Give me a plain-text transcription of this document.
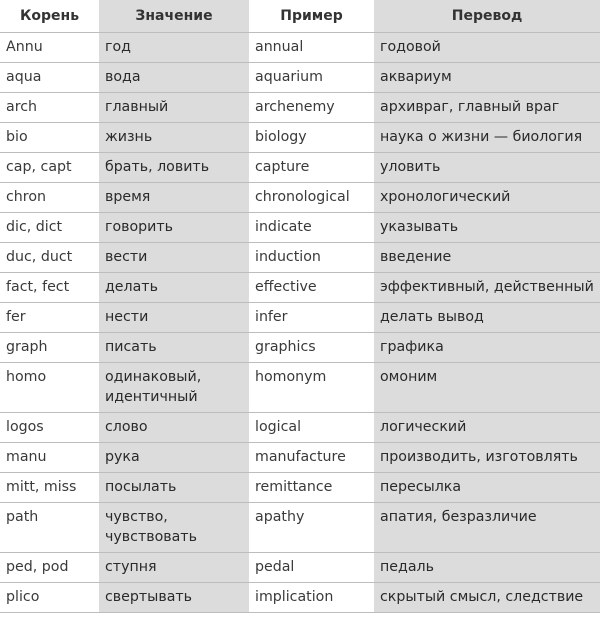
Корень	Значение	Пример	Перевод
Annu	год	annual	годовой
aqua	вода	aquarium	аквариум
arch	главный	archenemy	архивраг, главный враг
bio	жизнь	biology	наука о жизни — биология
cap, capt	брать, ловить	capture	уловить
chron	время	chronological	хронологический
dic, dict	говорить	indicate	указывать
duc, duct	вести	induction	введение
fact, fect	делать	effective	эффективный, действенный
fer	нести	infer	делать вывод
graph	писать	graphics	графика
homo	одинаковый, идентичный	homonym	омоним
logos	слово	logical	логический
manu	рука	manufacture	производить, изготовлять
mitt, miss	посылать	remittance	пересылка
path	чувство, чувствовать	apathy	апатия, безразличие
ped, pod	ступня	pedal	педаль
plico	свертывать	implication	скрытый смысл, следствие
